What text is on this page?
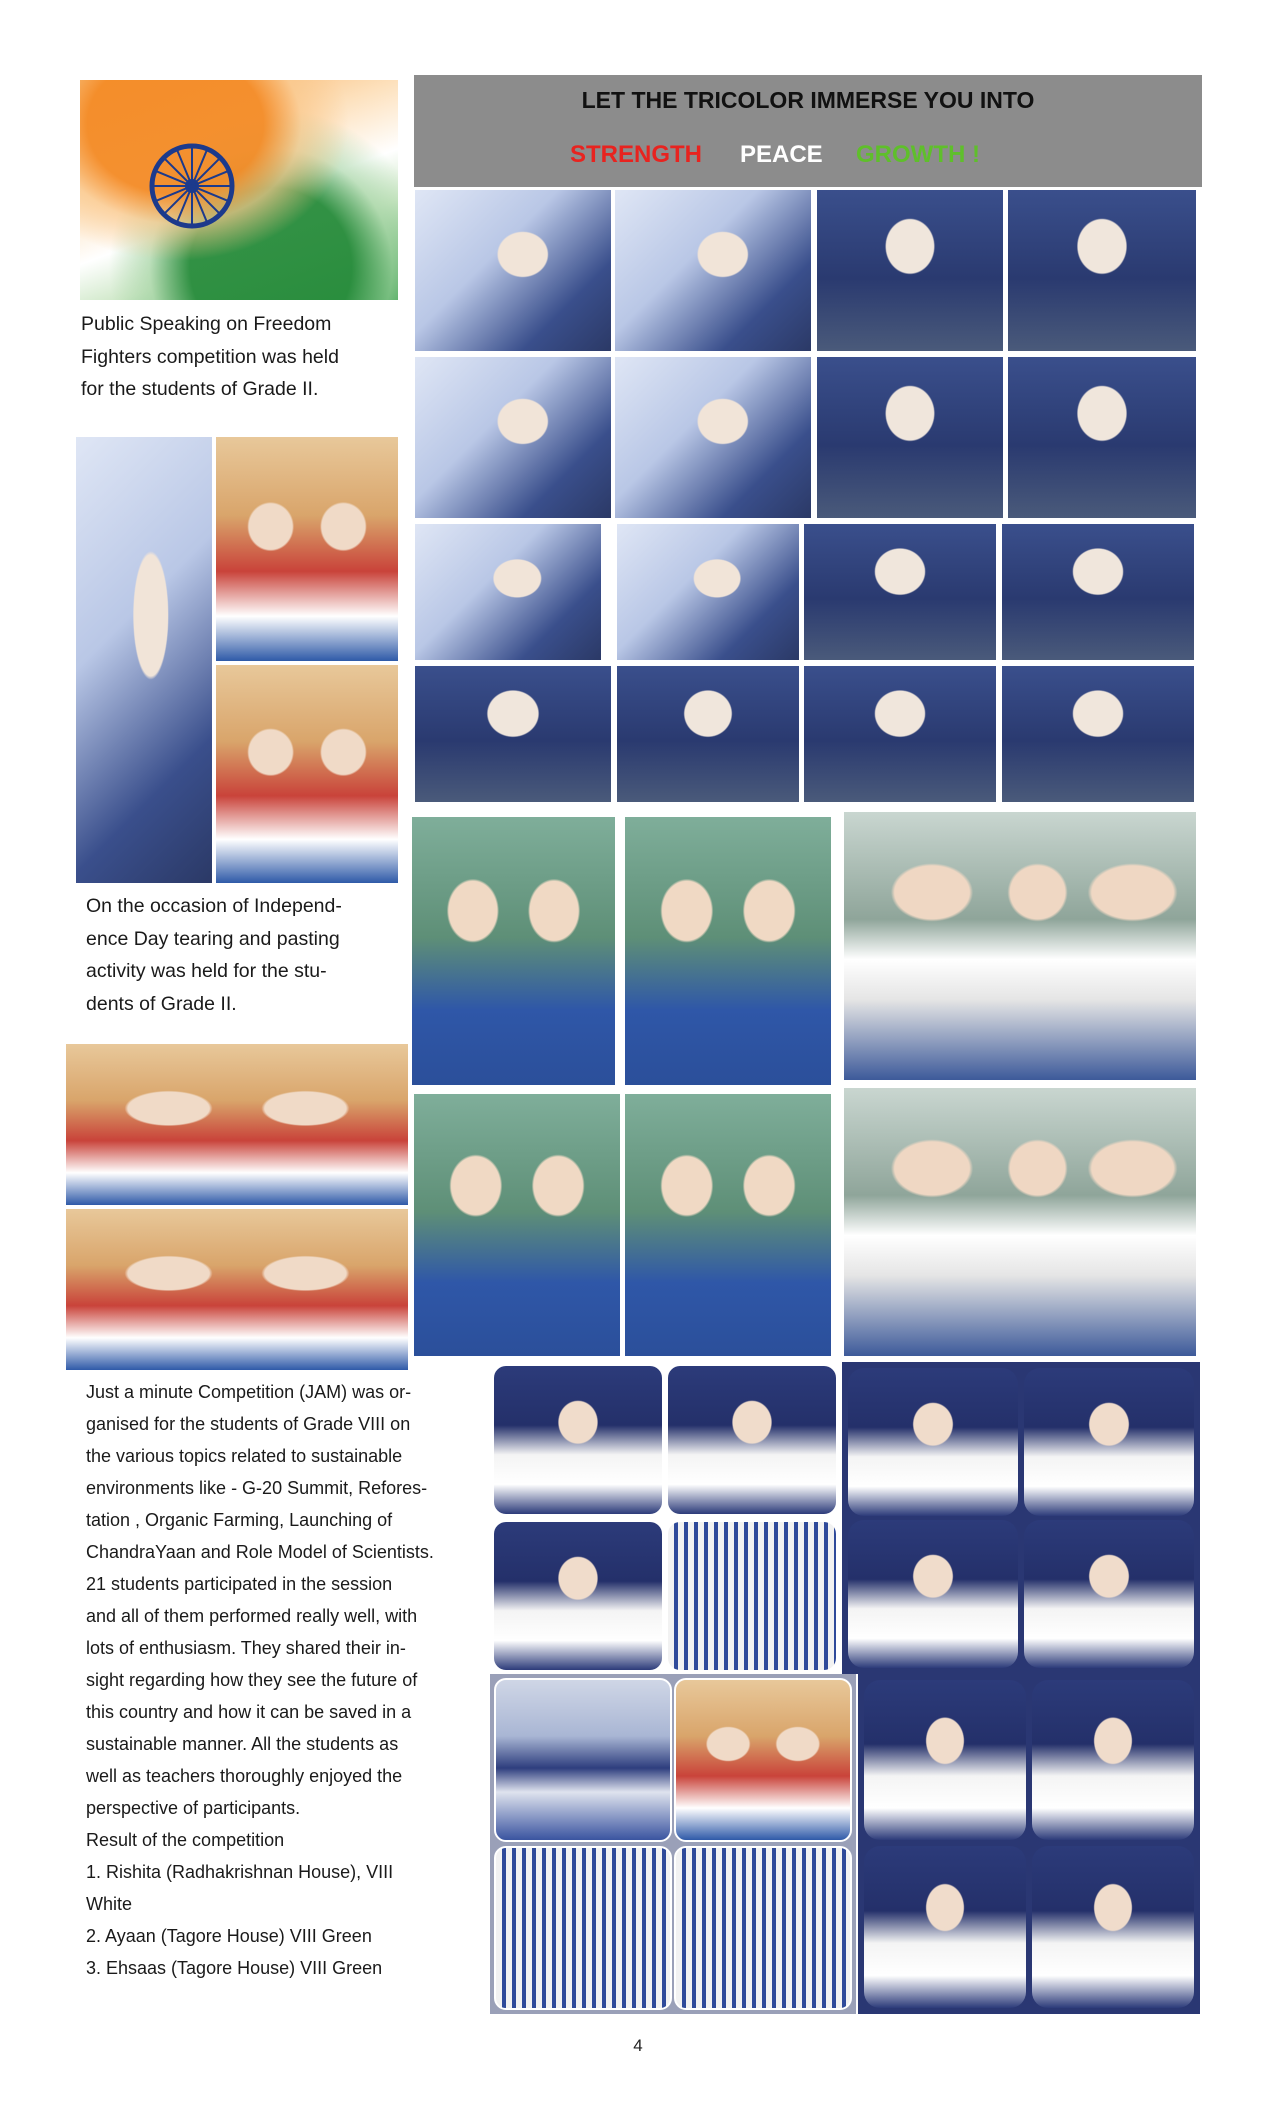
LET THE TRICOLOR IMMERSE YOU INTO
STRENGTH PEACE GROWTH !
Public Speaking on Freedom
Fighters competition was held
for the students of Grade II.
On the occasion of Independ-
ence Day tearing and pasting
activity was held for the stu-
dents of Grade II.
Just a minute Competition (JAM) was or-
ganised for the students of Grade VIII on
the various topics related to sustainable
environments like - G-20 Summit, Refores-
tation , Organic Farming, Launching of
ChandraYaan and Role Model of Scientists.
21 students participated in the session
and all of them performed really well, with
lots of enthusiasm. They shared their in-
sight regarding how they see the future of
this country and how it can be saved in a
sustainable manner. All the students as
well as teachers thoroughly enjoyed the
perspective of participants.
Result of the competition
1. Rishita (Radhakrishnan House), VIII
White
2. Ayaan (Tagore House) VIII Green
3. Ehsaas (Tagore House) VIII Green
4
